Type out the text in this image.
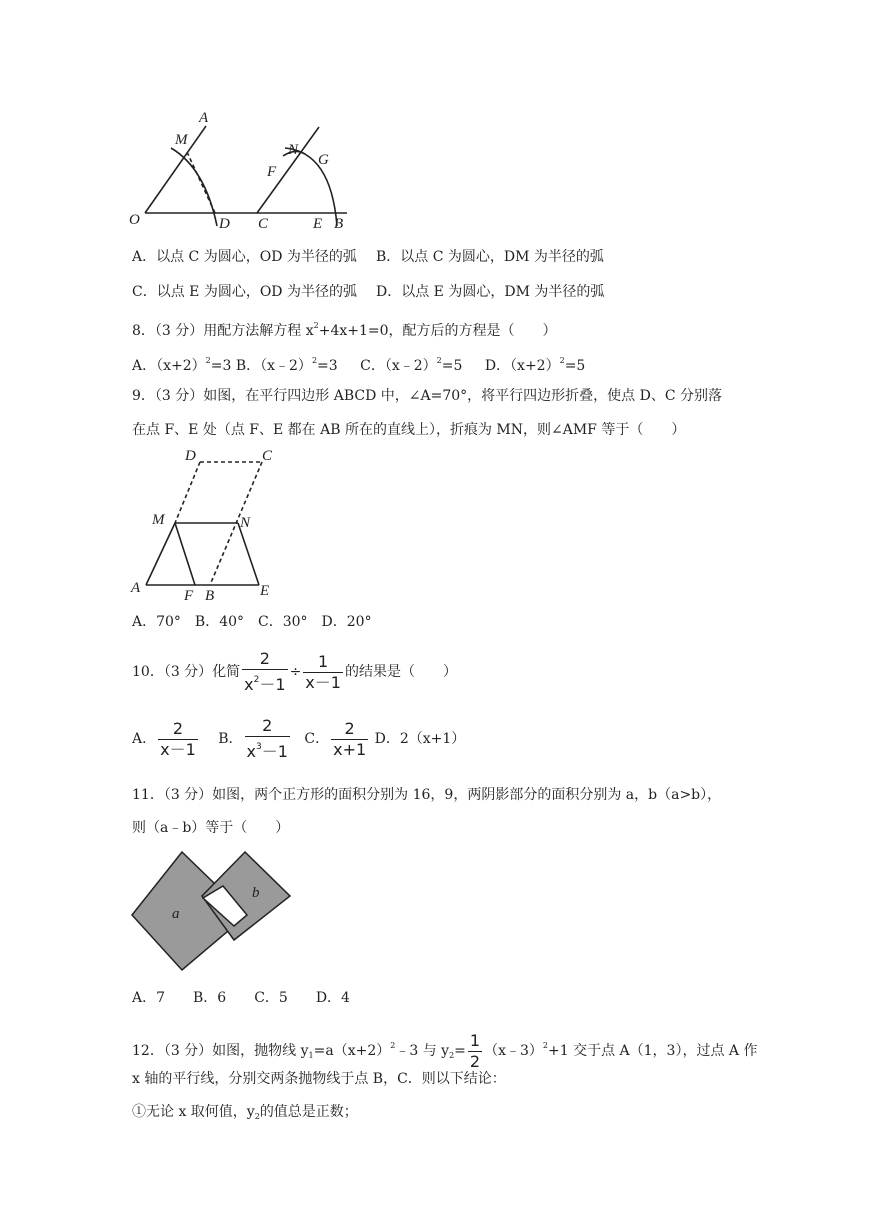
O
A
M
D C
F
N
G
E B
A．以点 C 为圆心，OD 为半径的弧 B．以点 C 为圆心，DM 为半径的弧
C．以点 E 为圆心，OD 为半径的弧 D．以点 E 为圆心，DM 为半径的弧
8．（3 分）用配方法解方程 $x^2+4x+1=0$，配方后的方程是（　　）
A．$(x+2)^2=3$ B．（x﹣2）$^2$=3 C．（x﹣2）$^2$=5 D．$(x+2)^2=5$
9．（3 分）如图，在平行四边形 ABCD 中，∠A=70°，将平行四边形折叠，使点 D、C 分别落
在点 F、E 处（点 F、E 都在 AB 所在的直线上），折痕为 MN，则∠AMF 等于（　　）
D	C
M	N
A	F B	E
A．70°　B．40°　C．30°　D．20°
10．（3 分）化简 $\frac{2}{x^2-1} \div \frac{1}{x-1}$ 的结果是（　　）
A． $\frac{2}{x-1}$ B． $\frac{2}{x^3-1}$ C． $\frac{2}{x+1}$ D．2（x+1）
11．（3 分）如图，两个正方形的面积分别为 16，9，两阴影部分的面积分别为 a，b（a>b），
则（a﹣b）等于（　　）
a
b
A．7　　B．6　　C．5　　D．4
12．（3 分）如图，抛物线 $y_1=a(x+2)^2﹣3$ 与 $y_2= \frac{1}{2}$ （x﹣3）$^2$+1 交于点 A（1，3），过点 A 作
x 轴的平行线，分别交两条抛物线于点 B，C．则以下结论：
①无论 x 取何值，$y_2$的值总是正数；
